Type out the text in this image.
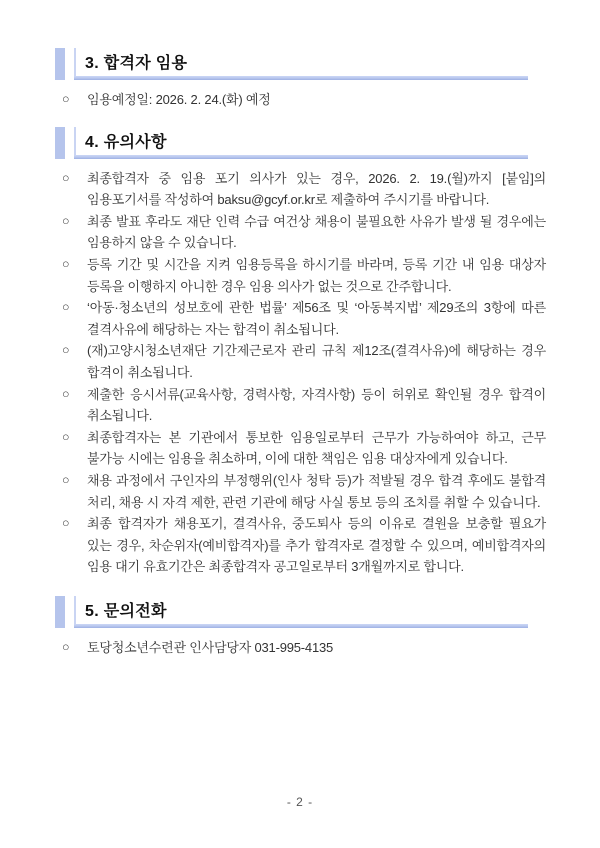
3. 합격자 임용
○	임용예정일: 2026. 2. 24.(화) 예정
4. 유의사항
○	최종합격자 중 임용 포기 의사가 있는 경우, 2026. 2. 19.(월)까지 [붙임]의 임용포기서를 작성하여 baksu@gcyf.or.kr로 제출하여 주시기를 바랍니다.
○	최종 발표 후라도 재단 인력 수급 여건상 채용이 불필요한 사유가 발생 될 경우에는 임용하지 않을 수 있습니다.
○	등록 기간 및 시간을 지켜 임용등록을 하시기를 바라며, 등록 기간 내 임용 대상자 등록을 이행하지 아니한 경우 임용 의사가 없는 것으로 간주합니다.
○	‘아동·청소년의 성보호에 관한 법률’ 제56조 및 ‘아동복지법’ 제29조의 3항에 따른 결격사유에 해당하는 자는 합격이 취소됩니다.
○	(재)고양시청소년재단 기간제근로자 관리 규칙 제12조(결격사유)에 해당하는 경우 합격이 취소됩니다.
○	제출한 응시서류(교육사항, 경력사항, 자격사항) 등이 허위로 확인될 경우 합격이 취소됩니다.
○	최종합격자는 본 기관에서 통보한 임용일로부터 근무가 가능하여야 하고, 근무 불가능 시에는 임용을 취소하며, 이에 대한 책임은 임용 대상자에게 있습니다.
○	채용 과정에서 구인자의 부정행위(인사 청탁 등)가 적발될 경우 합격 후에도 불합격 처리, 채용 시 자격 제한, 관련 기관에 해당 사실 통보 등의 조치를 취할 수 있습니다.
○	최종 합격자가 채용포기, 결격사유, 중도퇴사 등의 이유로 결원을 보충할 필요가 있는 경우, 차순위자(예비합격자)를 추가 합격자로 결정할 수 있으며, 예비합격자의 임용 대기 유효기간은 최종합격자 공고일로부터 3개월까지로 합니다.
5. 문의전화
○	토당청소년수련관 인사담당자 031-995-4135
- 2 -
